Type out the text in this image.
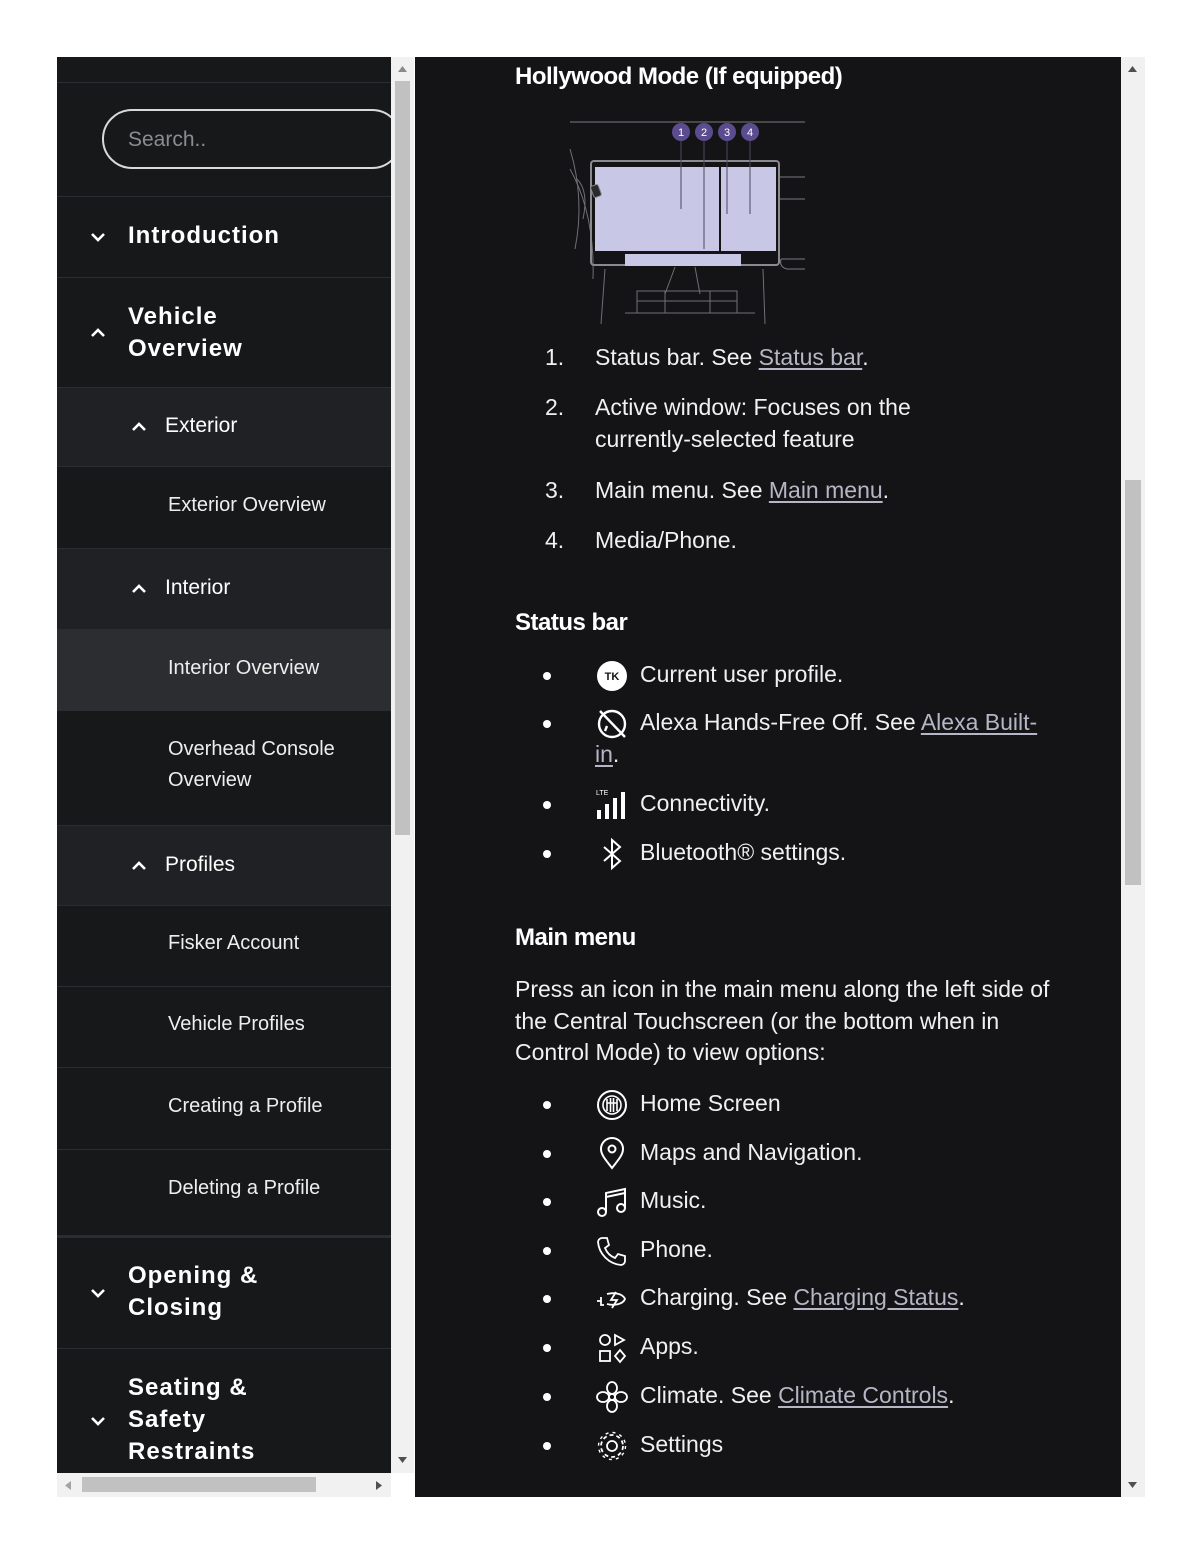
Search..
Introduction
Vehicle Overview
Exterior
Exterior Overview
Interior
Interior Overview
Overhead Console Overview
Profiles
Fisker Account
Vehicle Profiles
Creating a Profile
Deleting a Profile
Opening & Closing
Seating & Safety Restraints
Hollywood Mode (If equipped)
1 2 3 4
1. Status bar. See Status bar.
2. Active window: Focuses on the currently-selected feature
3. Main menu. See Main menu.
4. Media/Phone.
Status bar
TK Current user profile.
Alexa Hands-Free Off. See Alexa Built-in.
LTE Connectivity.
Bluetooth® settings.
Main menu
Press an icon in the main menu along the left side of the Central Touchscreen (or the bottom when in Control Mode) to view options:
Home Screen
Maps and Navigation.
Music.
Phone.
Charging. See Charging Status.
Apps.
Climate. See Climate Controls.
Settings
